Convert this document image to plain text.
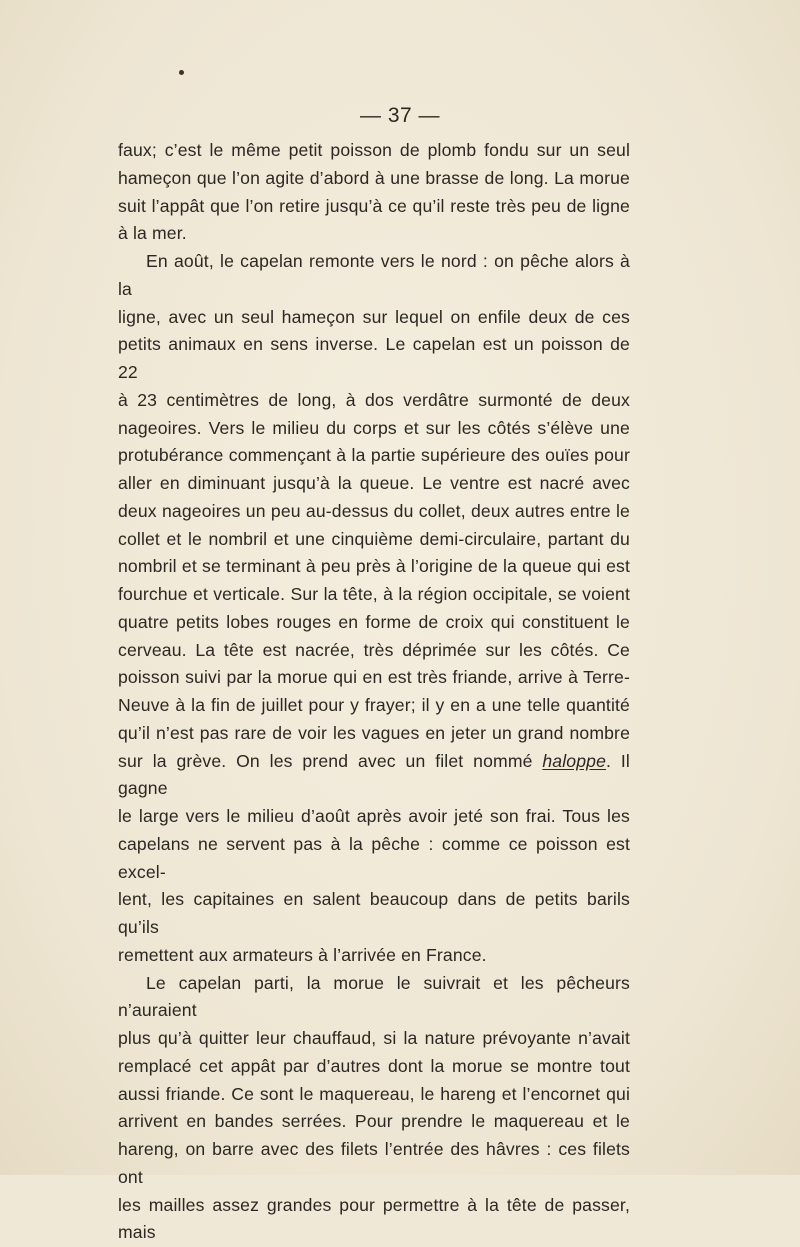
— 37 —

faux; c’est le même petit poisson de plomb fondu sur un seul
hameçon que l’on agite d’abord à une brasse de long. La morue
suit l’appât que l’on retire jusqu’à ce qu’il reste très peu de ligne
à la mer.

En août, le capelan remonte vers le nord : on pêche alors à la
ligne, avec un seul hameçon sur lequel on enfile deux de ces
petits animaux en sens inverse. Le capelan est un poisson de 22
à 23 centimètres de long, à dos verdâtre surmonté de deux
nageoires. Vers le milieu du corps et sur les côtés s’élève une
protubérance commençant à la partie supérieure des ouïes pour
aller en diminuant jusqu’à la queue. Le ventre est nacré avec
deux nageoires un peu au-dessus du collet, deux autres entre le
collet et le nombril et une cinquième demi-circulaire, partant du
nombril et se terminant à peu près à l’origine de la queue qui est
fourchue et verticale. Sur la tête, à la région occipitale, se voient
quatre petits lobes rouges en forme de croix qui constituent le
cerveau. La tête est nacrée, très déprimée sur les côtés. Ce
poisson suivi par la morue qui en est très friande, arrive à Terre-
Neuve à la fin de juillet pour y frayer; il y en a une telle quantité
qu’il n’est pas rare de voir les vagues en jeter un grand nombre
sur la grève. On les prend avec un filet nommé haloppe. Il gagne
le large vers le milieu d’août après avoir jeté son frai. Tous les
capelans ne servent pas à la pêche : comme ce poisson est excel-
lent, les capitaines en salent beaucoup dans de petits barils qu’ils
remettent aux armateurs à l’arrivée en France.

Le capelan parti, la morue le suivrait et les pêcheurs n’auraient
plus qu’à quitter leur chauffaud, si la nature prévoyante n’avait
remplacé cet appât par d’autres dont la morue se montre tout
aussi friande. Ce sont le maquereau, le hareng et l’encornet qui
arrivent en bandes serrées. Pour prendre le maquereau et le
hareng, on barre avec des filets l’entrée des hâvres : ces filets ont
les mailles assez grandes pour permettre à la tête de passer, mais
